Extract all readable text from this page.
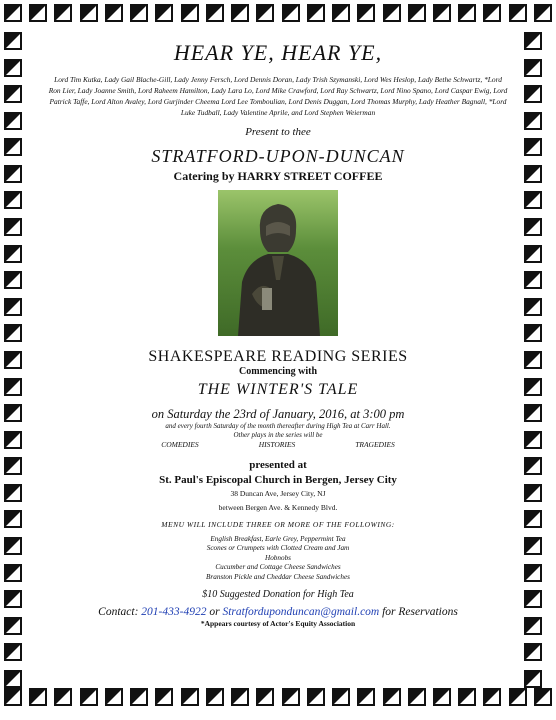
HEAR YE, HEAR YE,
Lord Tim Kutka, Lady Gail Blache-Gill, Lady Jenny Fersch, Lord Dennis Doran, Lady Trish Szymanski, Lord Wes Heslop, Lady Bethe Schwartz, *Lord Ron Lier, Lady Joanne Smith, Lord Raheem Hamilton, Lady Lara Lo, Lord Mike Crawford, Lord Ray Schwartz, Lord Nino Spano, Lord Caspar Ewig, Lord Patrick Taffe, Lord Alton Avaley, Lord Gurjinder Cheema Lord Lee Tomboulian, Lord Denis Duggan, Lord Thomas Murphy, Lady Heather Bagnall, *Lord Luke Tudball, Lady Valentine Aprile, and Lord Stephen Weierman
Present to thee
STRATFORD-UPON-DUNCAN
Catering by HARRY STREET COFFEE
SHAKESPEARE READING SERIES
Commencing with
THE WINTER'S TALE
on Saturday the 23rd of January, 2016, at 3:00 pm
and every fourth Saturday of the month thereafter during High Tea at Carr Hall.
Other plays in the series will be
COMEDIES	HISTORIES	TRAGEDIES
presented at
St. Paul's Episcopal Church in Bergen, Jersey City
38 Duncan Ave, Jersey City, NJ
between Bergen Ave. & Kennedy Blvd.
MENU WILL INCLUDE THREE OR MORE OF THE FOLLOWING:
English Breakfast, Earle Grey, Peppermint Tea
Scones or Crumpets with Clotted Cream and Jam
Hobnobs
Cucumber and Cottage Cheese Sandwiches
Branston Pickle and Cheddar Cheese Sandwiches
$10 Suggested Donation for High Tea
Contact: 201-433-4922 or Stratforduponduncan@gmail.com for Reservations
*Appears courtesy of Actor's Equity Association
